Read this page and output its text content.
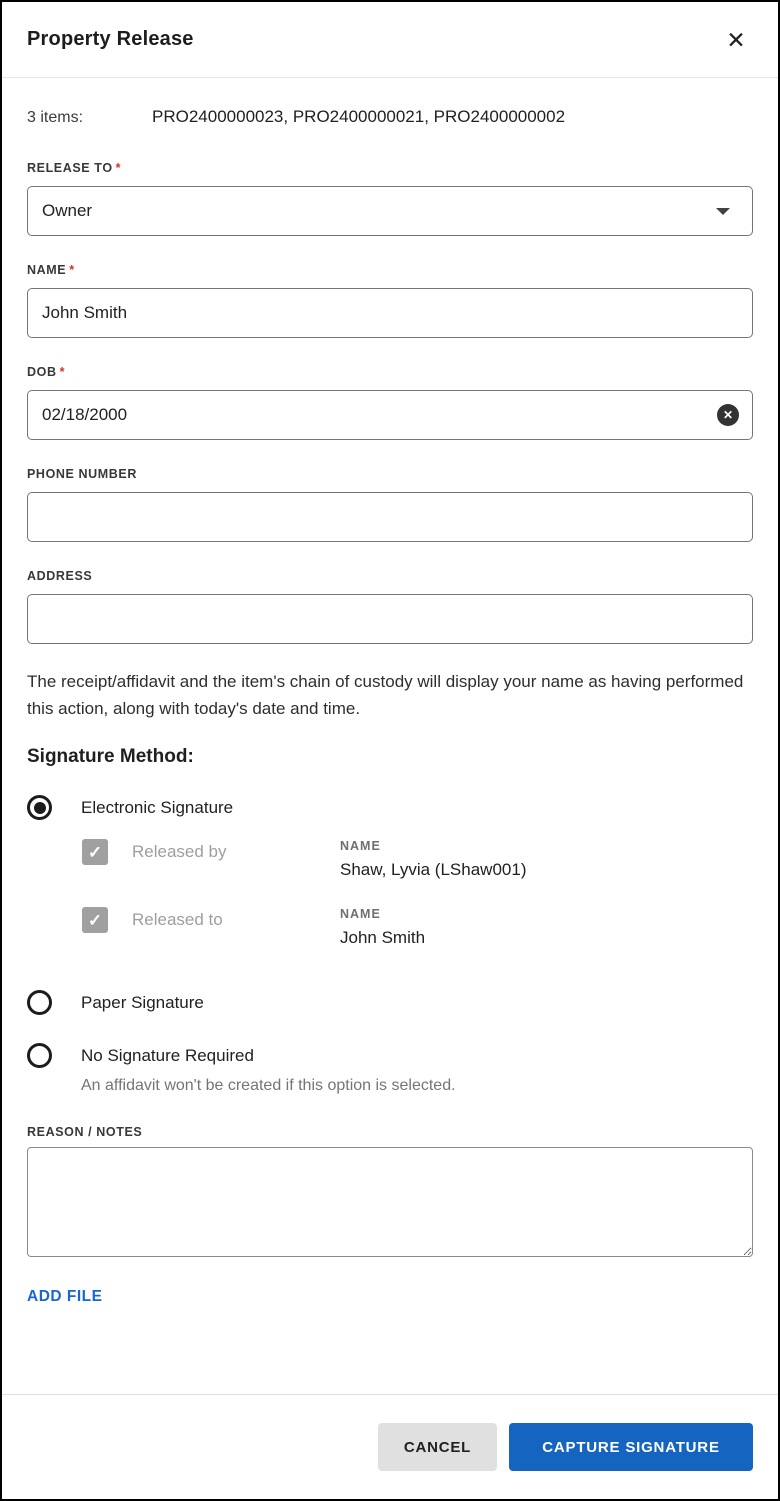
Property Release	✕
3 items:	PRO2400000023, PRO2400000021, PRO2400000002
RELEASE TO *
Owner
NAME *
John Smith
DOB *
02/18/2000
✕
PHONE NUMBER
ADDRESS

The receipt/affidavit and the item's chain of custody will display your name as having performed this action, along with today's date and time.

Signature Method:
Electronic Signature
✓ Released by	NAME
Shaw, Lyvia (LShaw001)
✓ Released to	NAME
John Smith
Paper Signature
No Signature Required
An affidavit won't be created if this option is selected.
REASON / NOTES
ADD FILE
CANCEL	CAPTURE SIGNATURE
